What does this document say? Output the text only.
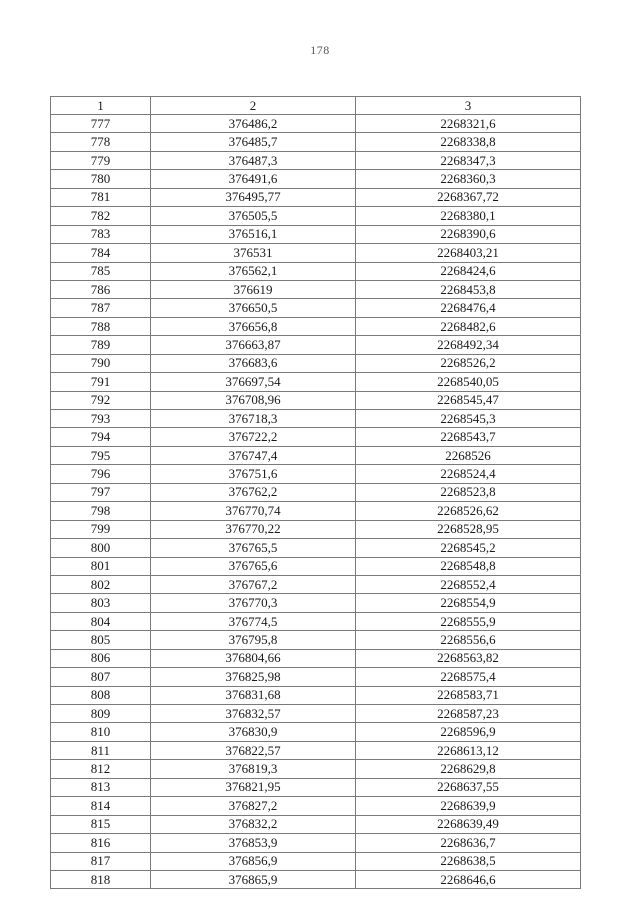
178
1	2	3
777	376486,2	2268321,6
778	376485,7	2268338,8
779	376487,3	2268347,3
780	376491,6	2268360,3
781	376495,77	2268367,72
782	376505,5	2268380,1
783	376516,1	2268390,6
784	376531	2268403,21
785	376562,1	2268424,6
786	376619	2268453,8
787	376650,5	2268476,4
788	376656,8	2268482,6
789	376663,87	2268492,34
790	376683,6	2268526,2
791	376697,54	2268540,05
792	376708,96	2268545,47
793	376718,3	2268545,3
794	376722,2	2268543,7
795	376747,4	2268526
796	376751,6	2268524,4
797	376762,2	2268523,8
798	376770,74	2268526,62
799	376770,22	2268528,95
800	376765,5	2268545,2
801	376765,6	2268548,8
802	376767,2	2268552,4
803	376770,3	2268554,9
804	376774,5	2268555,9
805	376795,8	2268556,6
806	376804,66	2268563,82
807	376825,98	2268575,4
808	376831,68	2268583,71
809	376832,57	2268587,23
810	376830,9	2268596,9
811	376822,57	2268613,12
812	376819,3	2268629,8
813	376821,95	2268637,55
814	376827,2	2268639,9
815	376832,2	2268639,49
816	376853,9	2268636,7
817	376856,9	2268638,5
818	376865,9	2268646,6
